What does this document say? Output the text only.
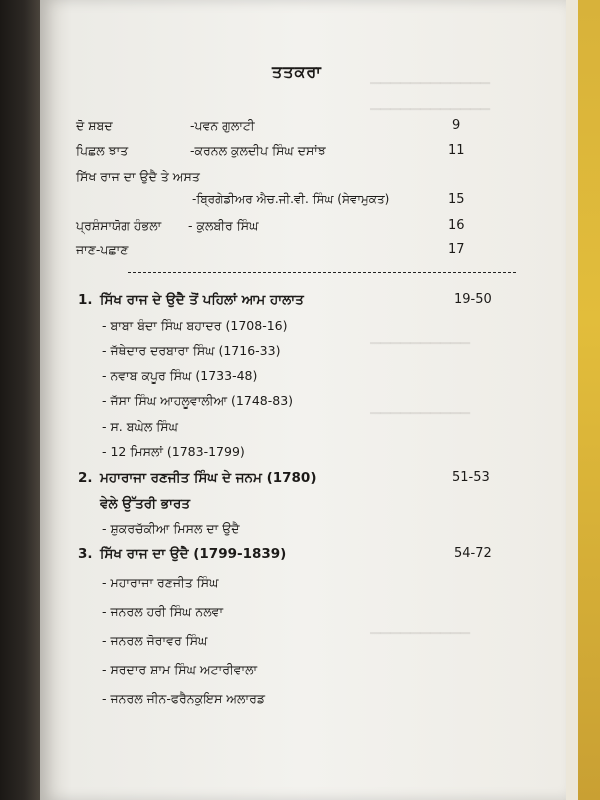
▁▁▁▁▁▁▁▁▁▁▁▁
▁▁▁▁▁▁▁▁▁▁▁▁
▁▁▁▁▁▁▁▁▁▁
▁▁▁▁▁▁▁▁▁▁
▁▁▁▁▁▁▁▁▁▁
ਤਤਕਰਾ
ਦੋ ਸ਼ਬਦ	-ਪਵਨ ਗੁਲਾਟੀ	9
ਪਿਛਲ ਝਾਤ	-ਕਰਨਲ ਕੁਲਦੀਪ ਸਿੰਘ ਦਸਾਂਝ	11
ਸਿੱਖ ਰਾਜ ਦਾ ਉਦੈ ਤੇ ਅਸਤ
-ਬ੍ਰਿਗੇਡੀਅਰ ਐਚ.ਜੀ.ਵੀ. ਸਿੰਘ (ਸੇਵਾਮੁਕਤ)	15
ਪ੍ਰਸ਼ੰਸਾਯੋਗ ਹੰਭਲਾ - ਕੁਲਬੀਰ ਸਿੰਘ	16
ਜਾਣ-ਪਛਾਣ	17
1. ਸਿੱਖ ਰਾਜ ਦੇ ਉਦੈ ਤੋਂ ਪਹਿਲਾਂ ਆਮ ਹਾਲਾਤ	19-50
- ਬਾਬਾ ਬੰਦਾ ਸਿੰਘ ਬਹਾਦਰ (1708-16)
- ਜੱਥੇਦਾਰ ਦਰਬਾਰਾ ਸਿੰਘ (1716-33)
- ਨਵਾਬ ਕਪੂਰ ਸਿੰਘ (1733-48)
- ਜੱਸਾ ਸਿੰਘ ਆਹਲੂਵਾਲੀਆ (1748-83)
- ਸ. ਬਘੇਲ ਸਿੰਘ
- 12 ਮਿਸਲਾਂ (1783-1799)
2. ਮਹਾਰਾਜਾ ਰਣਜੀਤ ਸਿੰਘ ਦੇ ਜਨਮ (1780)	51-53
ਵੇਲੇ ਉੱਤਰੀ ਭਾਰਤ
- ਸ਼ੁਕਰਚੱਕੀਆ ਮਿਸਲ ਦਾ ਉਦੈ
3. ਸਿੱਖ ਰਾਜ ਦਾ ਉਦੈ (1799-1839)	54-72
- ਮਹਾਰਾਜਾ ਰਣਜੀਤ ਸਿੰਘ
- ਜਨਰਲ ਹਰੀ ਸਿੰਘ ਨਲਵਾ
- ਜਨਰਲ ਜੋਰਾਵਰ ਸਿੰਘ
- ਸਰਦਾਰ ਸ਼ਾਮ ਸਿੰਘ ਅਟਾਰੀਵਾਲਾ
- ਜਨਰਲ ਜੀਨ-ਫਰੈਨਕੁਇਸ ਅਲਾਰਡ
